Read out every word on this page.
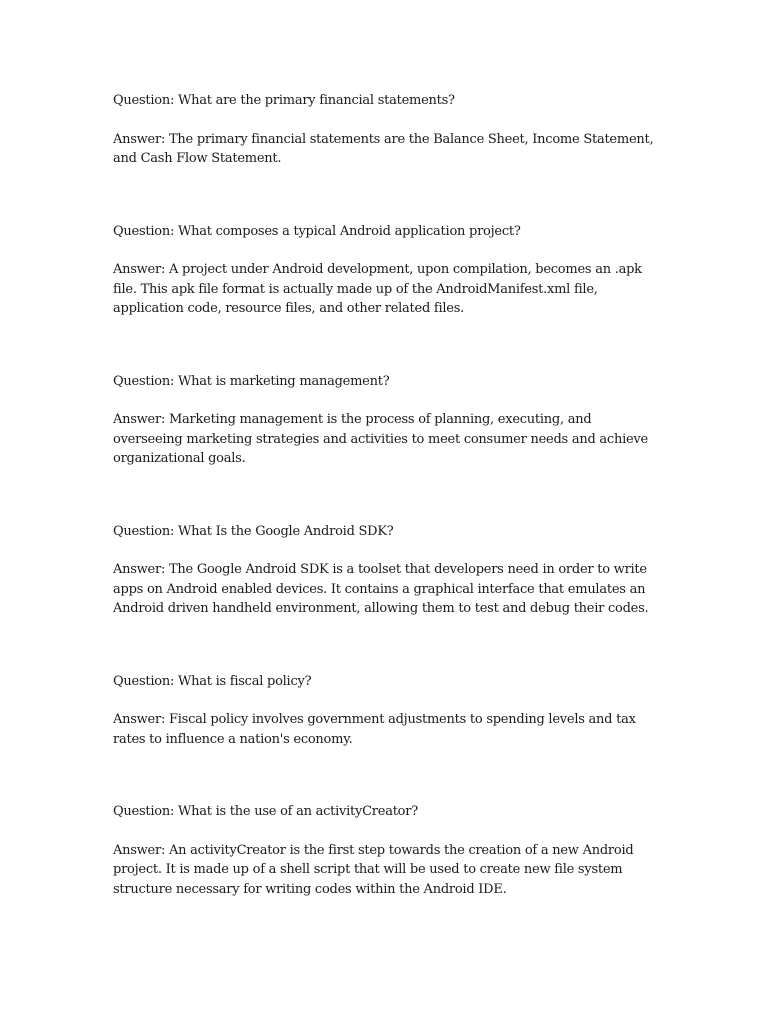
Question: What are the primary financial statements?

Answer: The primary financial statements are the Balance Sheet, Income Statement, and Cash Flow Statement.

Question: What composes a typical Android application project?

Answer: A project under Android development, upon compilation, becomes an .apk file. This apk file format is actually made up of the AndroidManifest.xml file, application code, resource files, and other related files.

Question: What is marketing management?

Answer: Marketing management is the process of planning, executing, and overseeing marketing strategies and activities to meet consumer needs and achieve organizational goals.

Question: What Is the Google Android SDK?

Answer: The Google Android SDK is a toolset that developers need in order to write apps on Android enabled devices. It contains a graphical interface that emulates an Android driven handheld environment, allowing them to test and debug their codes.

Question: What is fiscal policy?

Answer: Fiscal policy involves government adjustments to spending levels and tax rates to influence a nation's economy.

Question: What is the use of an activityCreator?

Answer: An activityCreator is the first step towards the creation of a new Android project. It is made up of a shell script that will be used to create new file system structure necessary for writing codes within the Android IDE.
